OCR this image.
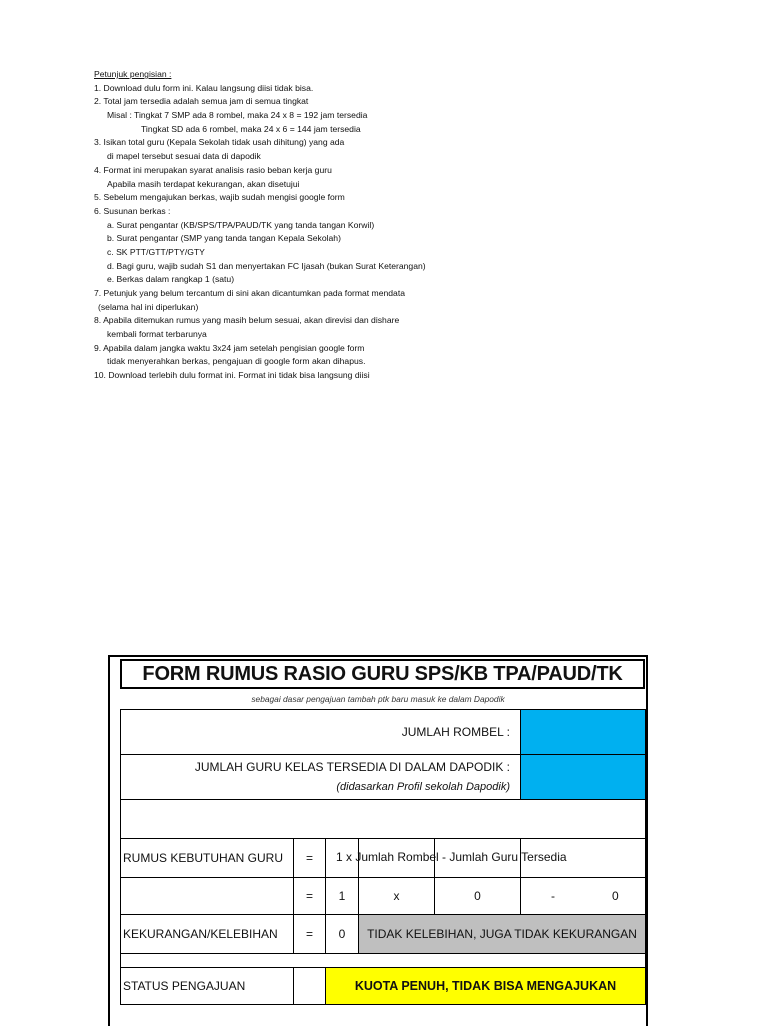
Petunjuk pengisian :
1. Download dulu form ini. Kalau langsung diisi tidak bisa.
2. Total jam tersedia adalah semua jam di semua tingkat
Misal : Tingkat 7 SMP ada 8 rombel, maka 24 x 8 = 192 jam tersedia
Tingkat SD ada 6 rombel, maka 24 x 6 = 144 jam tersedia
3. Isikan total guru (Kepala Sekolah tidak usah dihitung) yang ada
di mapel tersebut sesuai data di dapodik
4. Format ini merupakan syarat analisis rasio beban kerja guru
Apabila masih terdapat kekurangan, akan disetujui
5. Sebelum mengajukan berkas, wajib sudah mengisi google form
6. Susunan berkas :
a. Surat pengantar (KB/SPS/TPA/PAUD/TK yang tanda tangan Korwil)
b. Surat pengantar (SMP yang tanda tangan Kepala Sekolah)
c. SK PTT/GTT/PTY/GTY
d. Bagi guru, wajib sudah S1 dan menyertakan FC Ijasah (bukan Surat Keterangan)
e. Berkas dalam rangkap 1 (satu)
7. Petunjuk yang belum tercantum di sini akan dicantumkan pada format mendata
(selama hal ini diperlukan)
8. Apabila ditemukan rumus yang masih belum sesuai, akan direvisi dan dishare
kembali format terbarunya
9. Apabila dalam jangka waktu 3x24 jam setelah pengisian google form
tidak menyerahkan berkas, pengajuan di google form akan dihapus.
10. Download terlebih dulu format ini. Format ini tidak bisa langsung diisi
FORM RUMUS RASIO GURU SPS/KB TPA/PAUD/TK
sebagai dasar pengajuan tambah ptk baru masuk ke dalam Dapodik
JUMLAH ROMBEL :
JUMLAH GURU KELAS TERSEDIA DI DALAM DAPODIK :
(didasarkan Profil sekolah Dapodik)
RUMUS KEBUTUHAN GURU = 1 x Jumlah Rombel - Jumlah Guru Tersedia
= 1	x	0	-	0
KEKURANGAN/KELEBIHAN = 0 TIDAK KELEBIHAN, JUGA TIDAK KEKURANGAN
STATUS PENGAJUAN	KUOTA PENUH, TIDAK BISA MENGAJUKAN
